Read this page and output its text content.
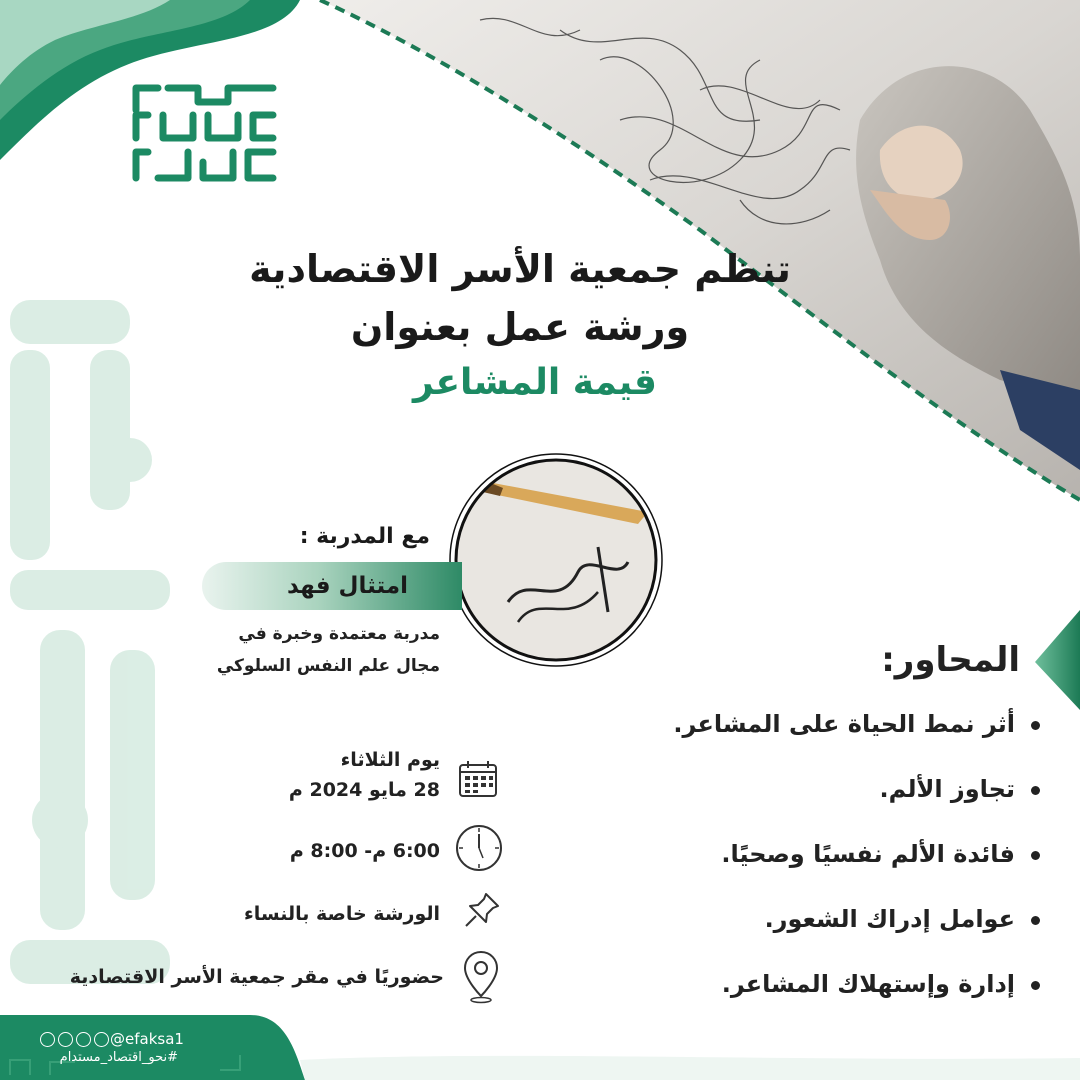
تنظم جمعية الأسر الاقتصادية
ورشة عمل بعنوان
قيمة المشاعر
امتثال بنت فهد
مع المدربة :
امتثال فهد
مدربة معتمدة وخبرة في
مجال علم النفس السلوكي
يوم الثلاثاء
28 مايو 2024 م
6:00 م- 8:00 م
الورشة خاصة بالنساء
حضوريًا في مقر جمعية الأسر الاقتصادية
المحاور:
أثر نمط الحياة على المشاعر.
تجاوز الألم.
فائدة الألم نفسيًا وصحيًا.
عوامل إدراك الشعور.
إدارة وإستهلاك المشاعر.
@efaksa1
#نحو_اقتصاد_مستدام
